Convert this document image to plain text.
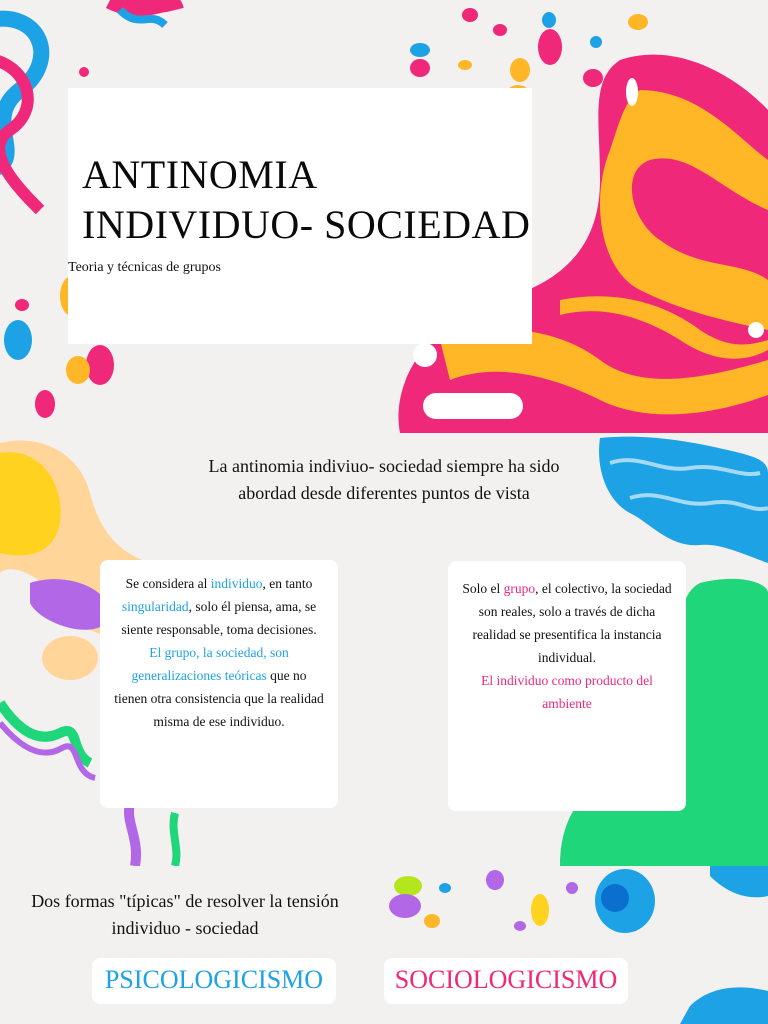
ANTINOMIA
INDIVIDUO- SOCIEDAD

Teoria y técnicas de grupos

La antinomia indiviuo- sociedad siempre ha sido abordad desde diferentes puntos de vista

Se considera al individuo, en tanto singularidad, solo él piensa, ama, se siente responsable, toma decisiones.
El grupo, la sociedad, son generalizaciones teóricas que no tienen otra consistencia que la realidad misma de ese individuo.
Solo el grupo, el colectivo, la sociedad son reales, solo a través de dicha realidad se presentifica la instancia individual.
El individuo como producto del ambiente

Dos formas "típicas" de resolver la tensión individuo - sociedad

PSICOLOGICISMO	SOCIOLOGICISMO
